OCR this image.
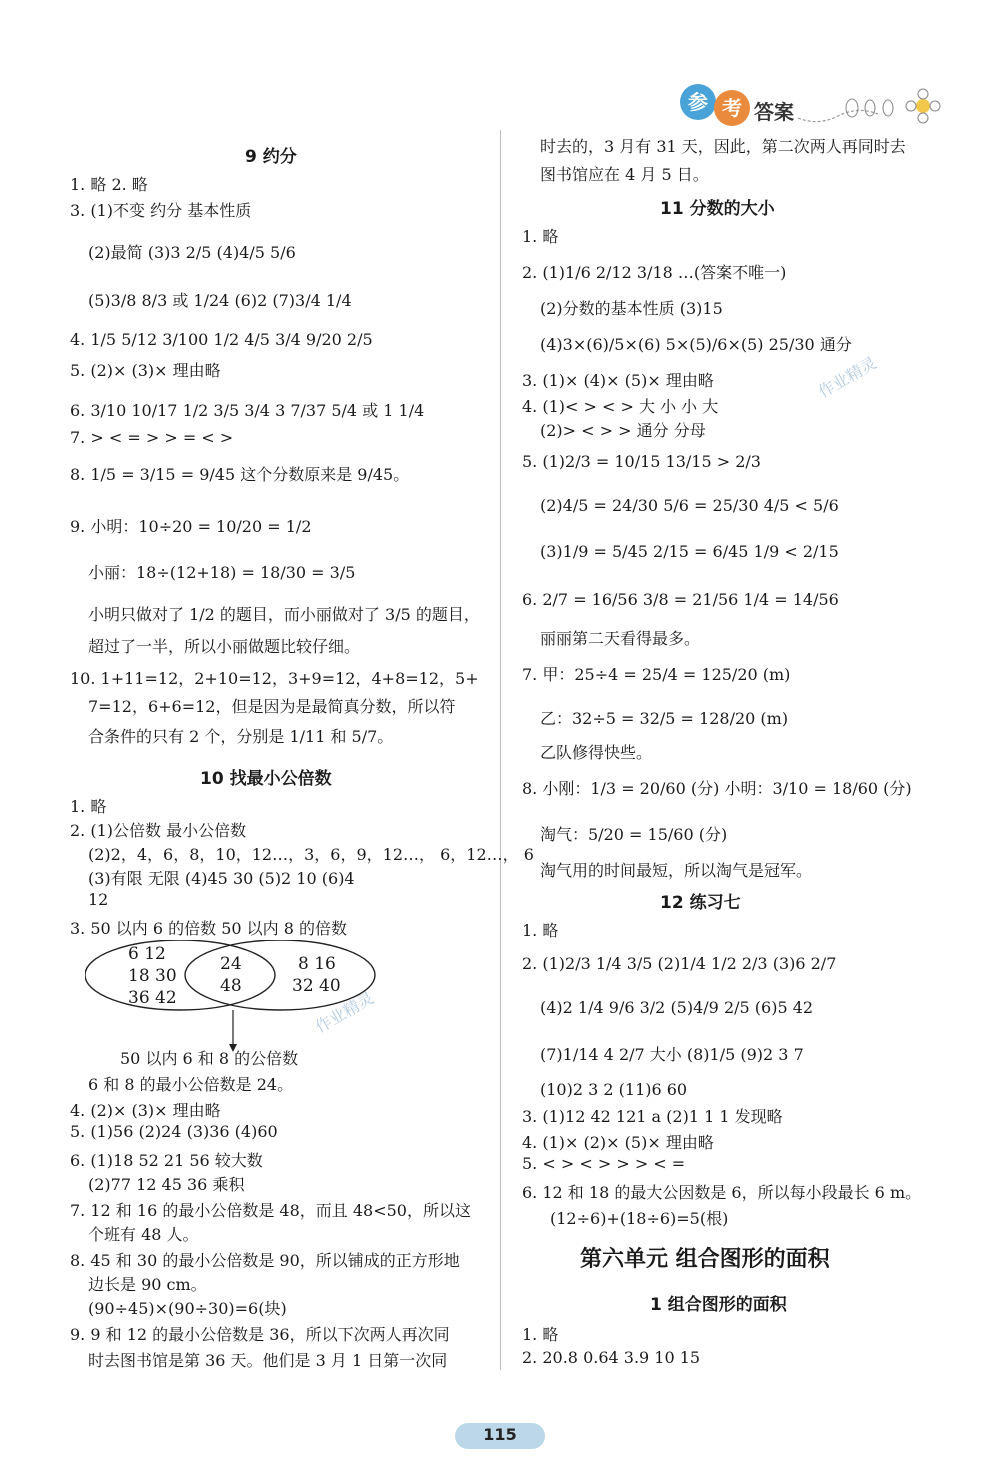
参 考 答案
9 约分
1. 略 2. 略
3. (1)不变 约分 基本性质
(2)最简 (3)3 2/5 (4)4/5 5/6
(5)3/8 8/3 或 1/24 (6)2 (7)3/4 1/4
4. 1/5 5/12 3/100 1/2 4/5 3/4 9/20 2/5
5. (2)× (3)× 理由略
6. 3/10 10/17 1/2 3/5 3/4 3 7/37 5/4 或 1 1/4
7. > < = > > = < >
8. 1/5 = 3/15 = 9/45 这个分数原来是 9/45。
9. 小明：10÷20 = 10/20 = 1/2
小丽：18÷(12+18) = 18/30 = 3/5
小明只做对了 1/2 的题目，而小丽做对了 3/5 的题目，
超过了一半，所以小丽做题比较仔细。
10. 1+11=12，2+10=12，3+9=12，4+8=12，5+
7=12，6+6=12，但是因为是最简真分数，所以符
合条件的只有 2 个，分别是 1/11 和 5/7。
10 找最小公倍数
1. 略
2. (1)公倍数 最小公倍数
(2)2，4，6，8，10，12…，3，6，9，12…， 6，12…， 6
(3)有限 无限 (4)45 30 (5)2 10 (6)4
12
3. 50 以内 6 的倍数 50 以内 8 的倍数
6 12
18 30
36 42
24
48
8 16
32 40
50 以内 6 和 8 的公倍数
6 和 8 的最小公倍数是 24。
4. (2)× (3)× 理由略
5. (1)56 (2)24 (3)36 (4)60
6. (1)18 52 21 56 较大数
(2)77 12 45 36 乘积
7. 12 和 16 的最小公倍数是 48，而且 48<50，所以这
个班有 48 人。
8. 45 和 30 的最小公倍数是 90，所以铺成的正方形地
边长是 90 cm。
(90÷45)×(90÷30)=6(块)
9. 9 和 12 的最小公倍数是 36，所以下次两人再次同
时去图书馆是第 36 天。他们是 3 月 1 日第一次同
时去的，3 月有 31 天，因此，第二次两人再同时去
图书馆应在 4 月 5 日。
11 分数的大小
1. 略
2. (1)1/6 2/12 3/18 …(答案不唯一)
(2)分数的基本性质 (3)15
(4)3×(6)/5×(6) 5×(5)/6×(5) 25/30 通分
3. (1)× (4)× (5)× 理由略
4. (1)< > < > 大 小 小 大
(2)> < > > 通分 分母
5. (1)2/3 = 10/15 13/15 > 2/3
(2)4/5 = 24/30 5/6 = 25/30 4/5 < 5/6
(3)1/9 = 5/45 2/15 = 6/45 1/9 < 2/15
6. 2/7 = 16/56 3/8 = 21/56 1/4 = 14/56
丽丽第二天看得最多。
7. 甲：25÷4 = 25/4 = 125/20 (m)
乙：32÷5 = 32/5 = 128/20 (m)
乙队修得快些。
8. 小刚：1/3 = 20/60 (分) 小明：3/10 = 18/60 (分)
淘气：5/20 = 15/60 (分)
淘气用的时间最短，所以淘气是冠军。
12 练习七
1. 略
2. (1)2/3 1/4 3/5 (2)1/4 1/2 2/3 (3)6 2/7
(4)2 1/4 9/6 3/2 (5)4/9 2/5 (6)5 42
(7)1/14 4 2/7 大小 (8)1/5 (9)2 3 7
(10)2 3 2 (11)6 60
3. (1)12 42 121 a (2)1 1 1 发现略
4. (1)× (2)× (5)× 理由略
5. < > < > > > < =
6. 12 和 18 的最大公因数是 6，所以每小段最长 6 m。
(12÷6)+(18÷6)=5(根)
第六单元 组合图形的面积
1 组合图形的面积
1. 略
2. 20.8 0.64 3.9 10 15
作业精灵
作业精灵
115
